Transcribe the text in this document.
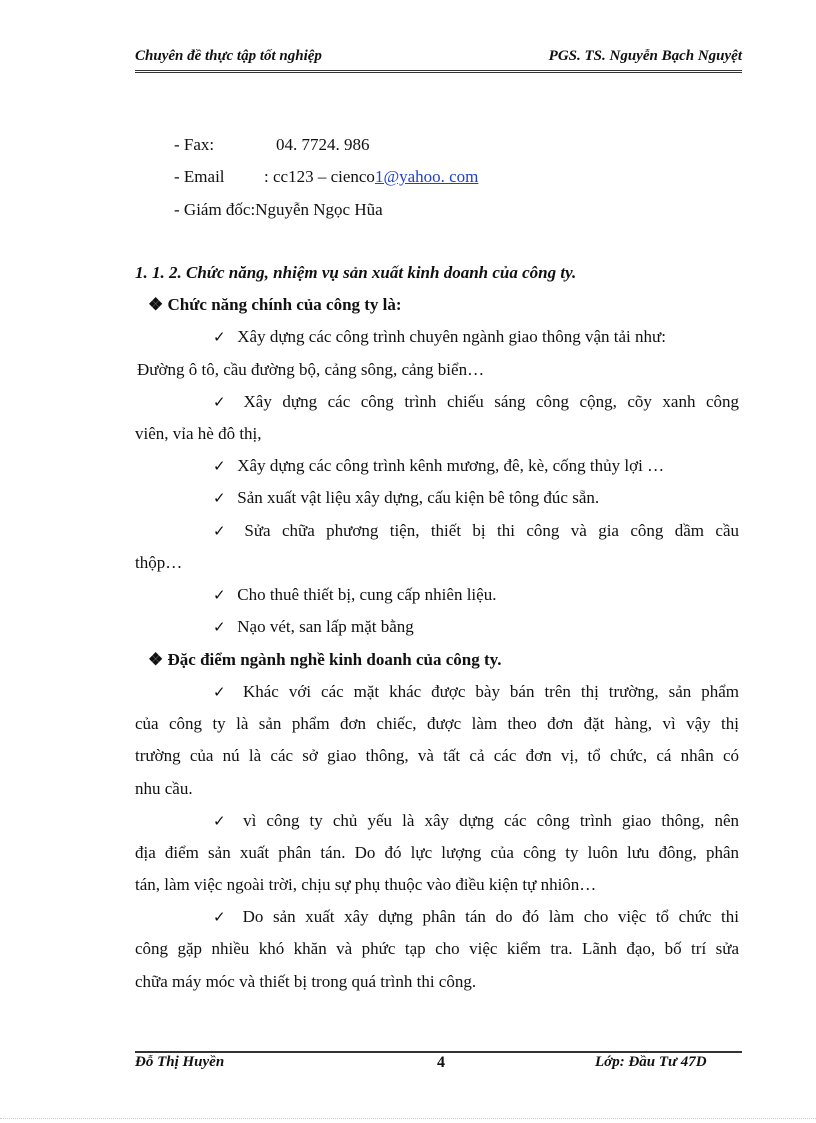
Chuyên đề thực tập tốt nghiệp	PGS. TS. Nguyễn Bạch Nguyệt
- Fax:	04. 7724. 986
- Email : cc123 – cienco1@yahoo. com
- Giám đốc:Nguyễn Ngọc Hũa
1. 1. 2. Chức năng, nhiệm vụ sản xuất kinh doanh của công ty.
❖ Chức năng chính của công ty là:
✓ Xây dựng các công trình chuyên ngành giao thông vận tải như:
Đường ô tô, cầu đường bộ, cảng sông, cảng biển…
✓ Xây dựng các công trình chiếu sáng công cộng, cõy xanh công
viên, vỉa hè đô thị,
✓ Xây dựng các công trình kênh mương, đê, kè, cống thủy lợi …
✓ Sản xuất vật liệu xây dựng, cấu kiện bê tông đúc sẵn.
✓ Sửa chữa phương tiện, thiết bị thi công và gia công dầm cầu
thộp…
✓ Cho thuê thiết bị, cung cấp nhiên liệu.
✓ Nạo vét, san lấp mặt bằng
❖ Đặc điểm ngành nghề kinh doanh của công ty.
✓ Khác với các mặt khác được bày bán trên thị trường, sản phẩm
của công ty là sản phẩm đơn chiếc, được làm theo đơn đặt hàng, vì vậy thị
trường của nú là các sở giao thông, và tất cả các đơn vị, tổ chức, cá nhân có
nhu cầu.
✓ vì công ty chủ yếu là xây dựng các công trình giao thông, nên
địa điểm sản xuất phân tán. Do đó lực lượng của công ty luôn lưu đông, phân
tán, làm việc ngoài trời, chịu sự phụ thuộc vào điều kiện tự nhiôn…
✓ Do sản xuất xây dựng phân tán do đó làm cho việc tổ chức thi
công gặp nhiều khó khăn và phức tạp cho việc kiểm tra. Lãnh đạo, bố trí sửa
chữa máy móc và thiết bị trong quá trình thi công.
Đỗ Thị Huyền	4	Lớp: Đầu Tư 47D
